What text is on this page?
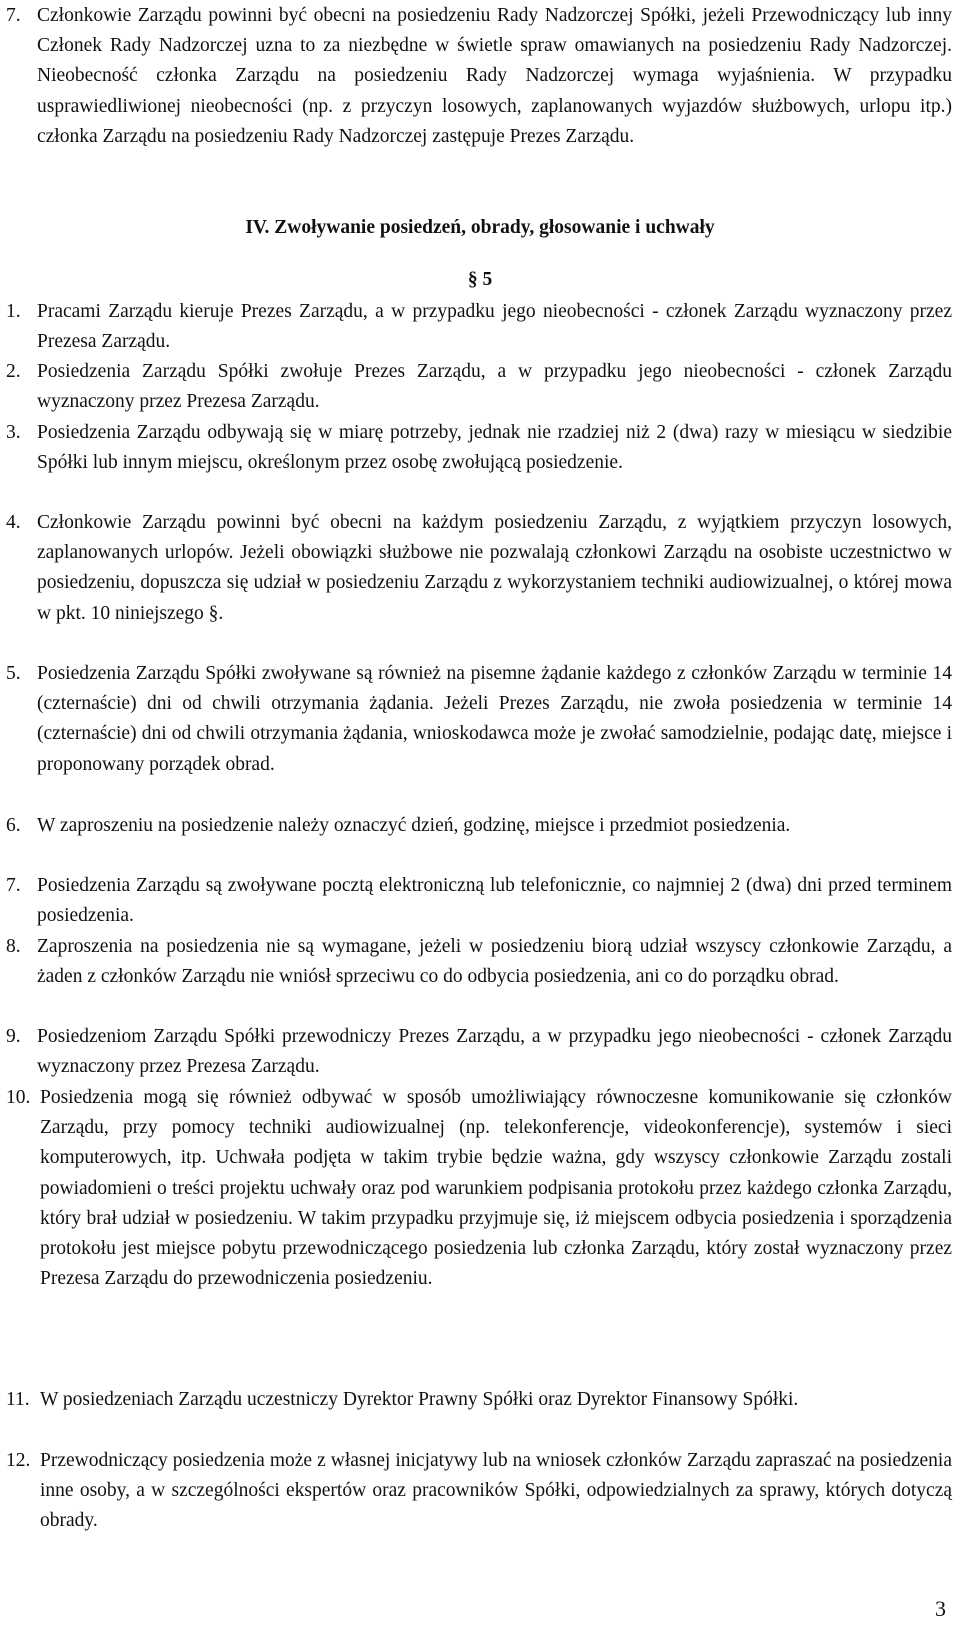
7. Członkowie Zarządu powinni być obecni na posiedzeniu Rady Nadzorczej Spółki, jeżeli Przewodniczący lub inny Członek Rady Nadzorczej uzna to za niezbędne w świetle spraw omawianych na posiedzeniu Rady Nadzorczej. Nieobecność członka Zarządu na posiedzeniu Rady Nadzorczej wymaga wyjaśnienia. W przypadku usprawiedliwionej nieobecności (np. z przyczyn losowych, zaplanowanych wyjazdów służbowych, urlopu itp.) członka Zarządu na posiedzeniu Rady Nadzorczej zastępuje Prezes Zarządu.
IV. Zwoływanie posiedzeń, obrady, głosowanie i uchwały
§ 5
1. Pracami Zarządu kieruje Prezes Zarządu, a w przypadku jego nieobecności - członek Zarządu wyznaczony przez Prezesa Zarządu.
2. Posiedzenia Zarządu Spółki zwołuje Prezes Zarządu, a w przypadku jego nieobecności - członek Zarządu wyznaczony przez Prezesa Zarządu.
3. Posiedzenia Zarządu odbywają się w miarę potrzeby, jednak nie rzadziej niż 2 (dwa) razy w miesiącu w siedzibie Spółki lub innym miejscu, określonym przez osobę zwołującą posiedzenie.
4. Członkowie Zarządu powinni być obecni na każdym posiedzeniu Zarządu, z wyjątkiem przyczyn losowych, zaplanowanych urlopów. Jeżeli obowiązki służbowe nie pozwalają członkowi Zarządu na osobiste uczestnictwo w posiedzeniu, dopuszcza się udział w posiedzeniu Zarządu z wykorzystaniem techniki audiowizualnej, o której mowa w pkt. 10 niniejszego §.
5. Posiedzenia Zarządu Spółki zwoływane są również na pisemne żądanie każdego z członków Zarządu w terminie 14 (czternaście) dni od chwili otrzymania żądania. Jeżeli Prezes Zarządu, nie zwoła posiedzenia w terminie 14 (czternaście) dni od chwili otrzymania żądania, wnioskodawca może je zwołać samodzielnie, podając datę, miejsce i proponowany porządek obrad.
6. W zaproszeniu na posiedzenie należy oznaczyć dzień, godzinę, miejsce i przedmiot posiedzenia.
7. Posiedzenia Zarządu są zwoływane pocztą elektroniczną lub telefonicznie, co najmniej 2 (dwa) dni przed terminem posiedzenia.
8. Zaproszenia na posiedzenia nie są wymagane, jeżeli w posiedzeniu biorą udział wszyscy członkowie Zarządu, a żaden z członków Zarządu nie wniósł sprzeciwu co do odbycia posiedzenia, ani co do porządku obrad.
9. Posiedzeniom Zarządu Spółki przewodniczy Prezes Zarządu, a w przypadku jego nieobecności - członek Zarządu wyznaczony przez Prezesa Zarządu.
10. Posiedzenia mogą się również odbywać w sposób umożliwiający równoczesne komunikowanie się członków Zarządu, przy pomocy techniki audiowizualnej (np. telekonferencje, videokonferencje), systemów i sieci komputerowych, itp. Uchwała podjęta w takim trybie będzie ważna, gdy wszyscy członkowie Zarządu zostali powiadomieni o treści projektu uchwały oraz pod warunkiem podpisania protokołu przez każdego członka Zarządu, który brał udział w posiedzeniu. W takim przypadku przyjmuje się, iż miejscem odbycia posiedzenia i sporządzenia protokołu jest miejsce pobytu przewodniczącego posiedzenia lub członka Zarządu, który został wyznaczony przez Prezesa Zarządu do przewodniczenia posiedzeniu.
11. W posiedzeniach Zarządu uczestniczy Dyrektor Prawny Spółki oraz Dyrektor Finansowy Spółki.
12. Przewodniczący posiedzenia może z własnej inicjatywy lub na wniosek członków Zarządu zapraszać na posiedzenia inne osoby, a w szczególności ekspertów oraz pracowników Spółki, odpowiedzialnych za sprawy, których dotyczą obrady.
3
